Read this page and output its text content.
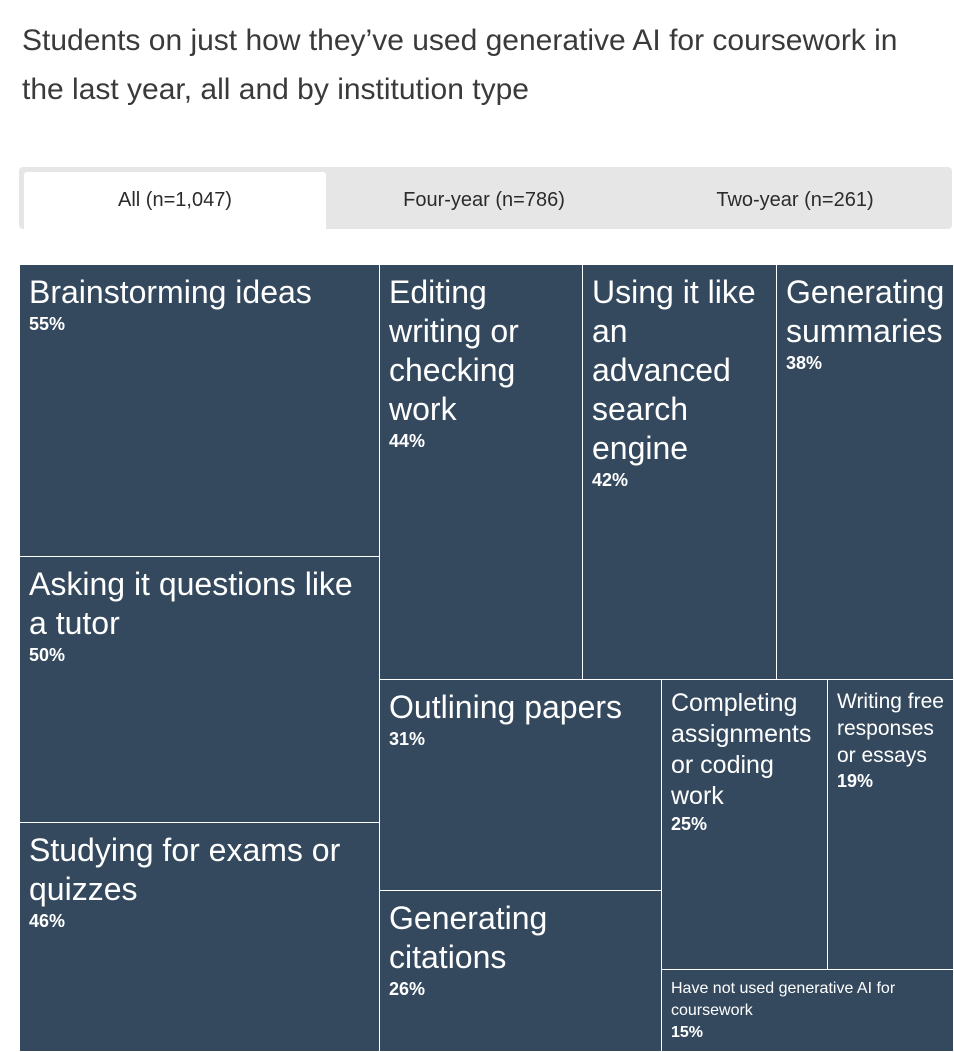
Students on just how they’ve used generative AI for coursework in the last year, all and by institution type
All (n=1,047)	Four-year (n=786)	Two-year (n=261)
Brainstorming ideas
55%
Asking it questions like a tutor
50%
Studying for exams or quizzes
46%
Editing writing or checking work
44%
Using it like an advanced search engine
42%
Generating summaries
38%
Outlining papers
31%
Generating citations
26%
Completing assignments or coding work
25%
Writing free responses or essays
19%
Have not used generative AI for coursework
15%
